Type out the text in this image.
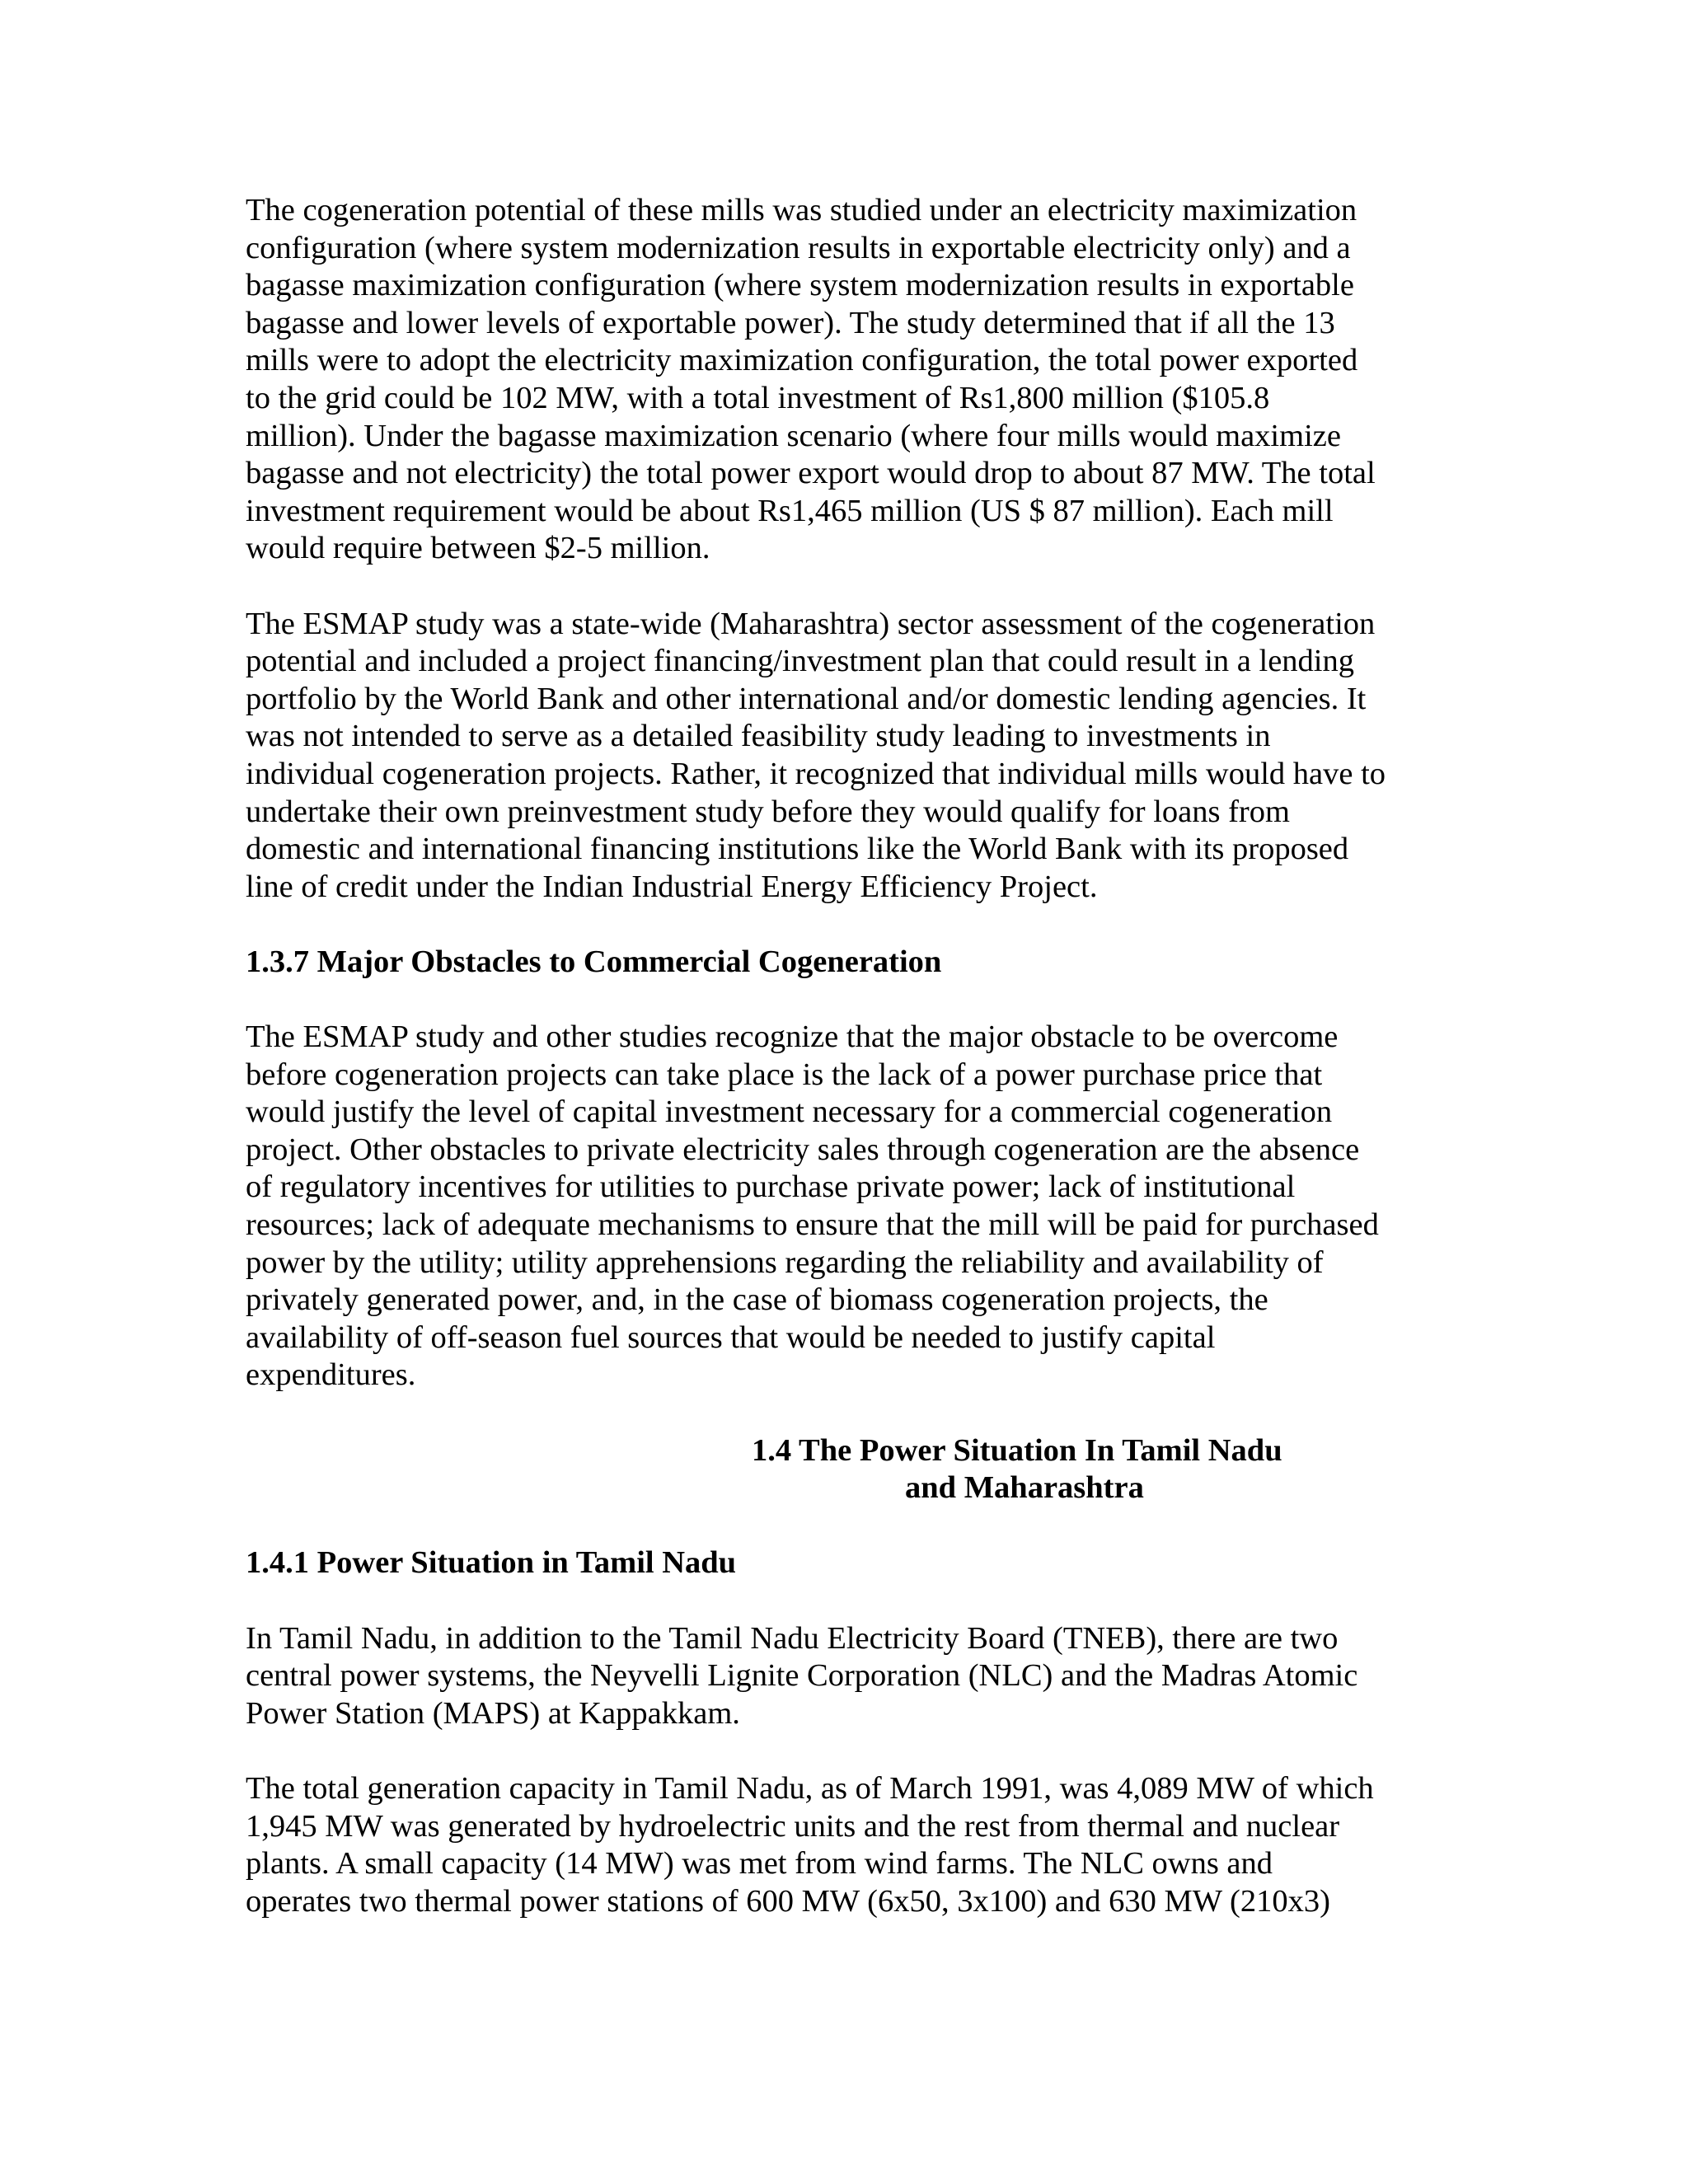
The cogeneration potential of these mills was studied under an electricity maximization
configuration (where system modernization results in exportable electricity only) and a
bagasse maximization configuration (where system modernization results in exportable
bagasse and lower levels of exportable power). The study determined that if all the 13
mills were to adopt the electricity maximization configuration, the total power exported
to the grid could be 102 MW, with a total investment of Rs1,800 million ($105.8
million). Under the bagasse maximization scenario (where four mills would maximize
bagasse and not electricity) the total power export would drop to about 87 MW. The total
investment requirement would be about Rs1,465 million (US $ 87 million). Each mill
would require between $2-5 million.
The ESMAP study was a state-wide (Maharashtra) sector assessment of the cogeneration
potential and included a project financing/investment plan that could result in a lending
portfolio by the World Bank and other international and/or domestic lending agencies. It
was not intended to serve as a detailed feasibility study leading to investments in
individual cogeneration projects. Rather, it recognized that individual mills would have to
undertake their own preinvestment study before they would qualify for loans from
domestic and international financing institutions like the World Bank with its proposed
line of credit under the Indian Industrial Energy Efficiency Project.
1.3.7 Major Obstacles to Commercial Cogeneration
The ESMAP study and other studies recognize that the major obstacle to be overcome
before cogeneration projects can take place is the lack of a power purchase price that
would justify the level of capital investment necessary for a commercial cogeneration
project. Other obstacles to private electricity sales through cogeneration are the absence
of regulatory incentives for utilities to purchase private power; lack of institutional
resources; lack of adequate mechanisms to ensure that the mill will be paid for purchased
power by the utility; utility apprehensions regarding the reliability and availability of
privately generated power, and, in the case of biomass cogeneration projects, the
availability of off-season fuel sources that would be needed to justify capital
expenditures.
1.4 The Power Situation In Tamil Nadu
and Maharashtra
1.4.1 Power Situation in Tamil Nadu
In Tamil Nadu, in addition to the Tamil Nadu Electricity Board (TNEB), there are two
central power systems, the Neyvelli Lignite Corporation (NLC) and the Madras Atomic
Power Station (MAPS) at Kappakkam.
The total generation capacity in Tamil Nadu, as of March 1991, was 4,089 MW of which
1,945 MW was generated by hydroelectric units and the rest from thermal and nuclear
plants. A small capacity (14 MW) was met from wind farms. The NLC owns and
operates two thermal power stations of 600 MW (6x50, 3x100) and 630 MW (210x3)
